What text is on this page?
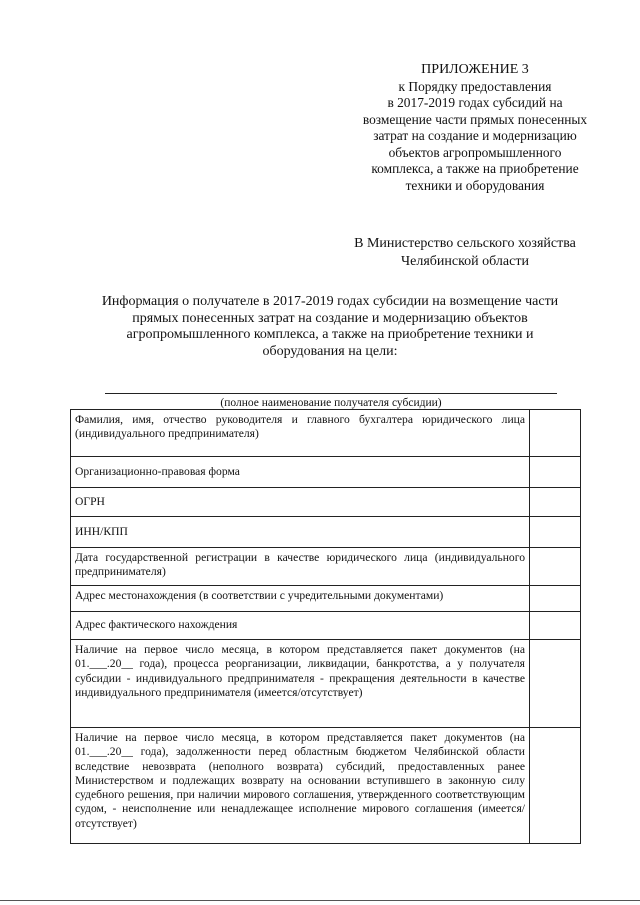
ПРИЛОЖЕНИЕ 3
к Порядку предоставления
в 2017-2019 годах субсидий на
возмещение части прямых понесенных
затрат на создание и модернизацию
объектов агропромышленного
комплекса, а также на приобретение
техники и оборудования
В Министерство сельского хозяйства
Челябинской области
Информация о получателе в 2017-2019 годах субсидии на возмещение части
прямых понесенных затрат на создание и модернизацию объектов
агропромышленного комплекса, а также на приобретение техники и
оборудования на цели:
(полное наименование получателя субсидии)
Фамилия, имя, отчество руководителя и главного бухгалтера юридического лица (индивидуального предпринимателя)	
Организационно-правовая форма	
ОГРН	
ИНН/КПП	
Дата государственной регистрации в качестве юридического лица (индивидуального предпринимателя)	
Адрес местонахождения (в соответствии с учредительными документами)	
Адрес фактического нахождения	
Наличие на первое число месяца, в котором представляется пакет документов (на 01.___.20__ года), процесса реорганизации, ликвидации, банкротства, а у получателя субсидии - индивидуального предпринимателя - прекращения деятельности в качестве индивидуального предпринимателя (имеется/отсутствует)	
Наличие на первое число месяца, в котором представляется пакет документов (на 01.___.20__ года), задолженности перед областным бюджетом Челябинской области вследствие невозврата (неполного возврата) субсидий, предоставленных ранее Министерством и подлежащих возврату на основании вступившего в законную силу судебного решения, при наличии мирового соглашения, утвержденного соответствующим судом, - неисполнение или ненадлежащее исполнение мирового соглашения (имеется/отсутствует)	
